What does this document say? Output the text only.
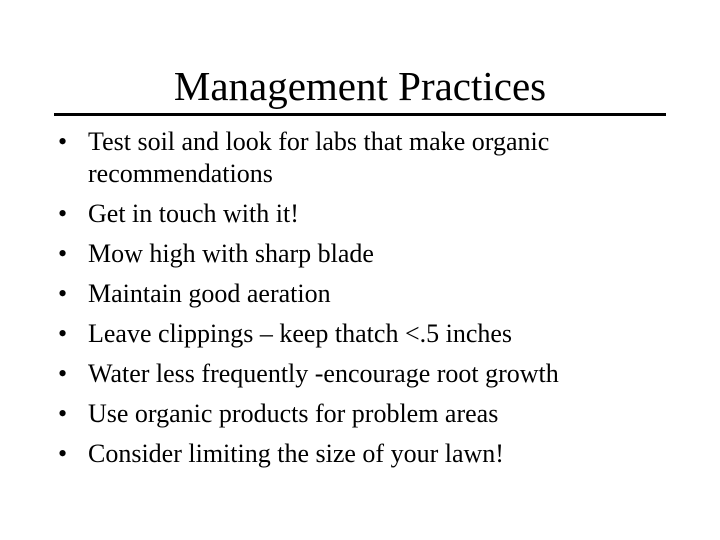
Management Practices
• Test soil and look for labs that make organic recommendations
• Get in touch with it!
• Mow high with sharp blade
• Maintain good aeration
• Leave clippings – keep thatch <.5 inches
• Water less frequently -encourage root growth
• Use organic products for problem areas
• Consider limiting the size of your lawn!
